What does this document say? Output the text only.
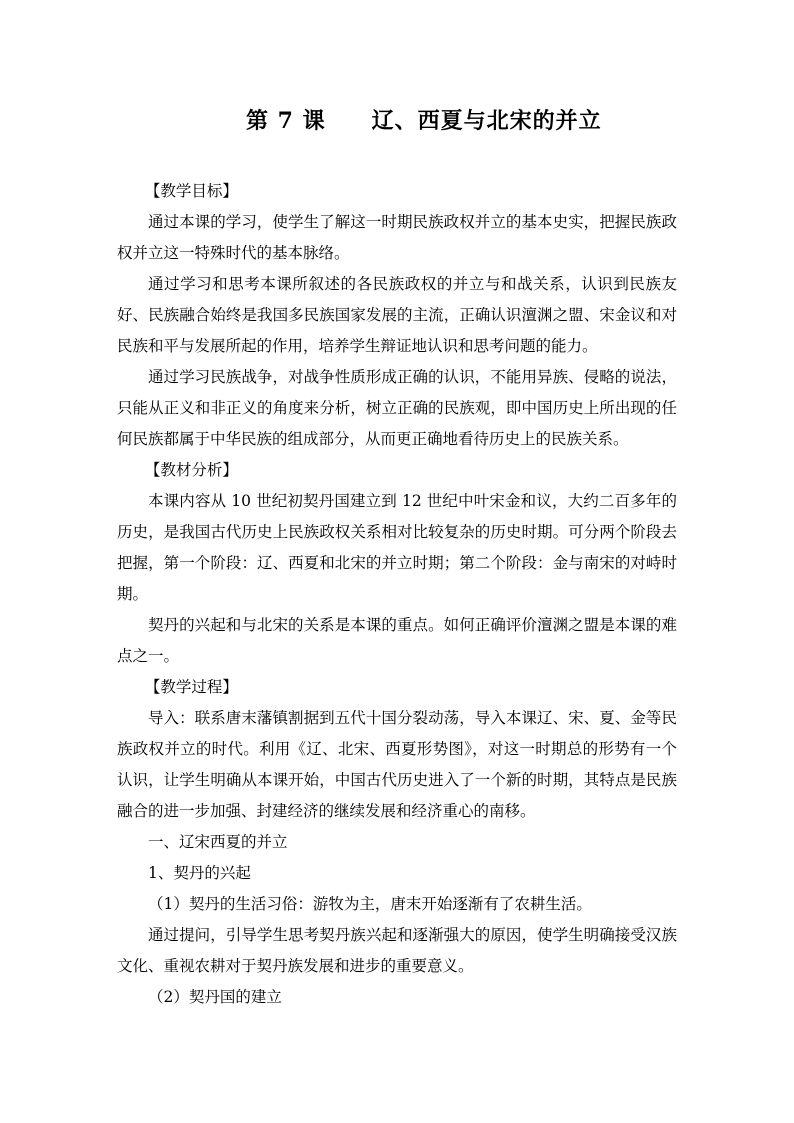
第 7 课 辽、西夏与北宋的并立

【教学目标】

通过本课的学习，使学生了解这一时期民族政权并立的基本史实，把握民族政权并立这一特殊时代的基本脉络。

通过学习和思考本课所叙述的各民族政权的并立与和战关系，认识到民族友好、民族融合始终是我国多民族国家发展的主流，正确认识澶渊之盟、宋金议和对民族和平与发展所起的作用，培养学生辩证地认识和思考问题的能力。

通过学习民族战争，对战争性质形成正确的认识，不能用异族、侵略的说法，只能从正义和非正义的角度来分析，树立正确的民族观，即中国历史上所出现的任何民族都属于中华民族的组成部分，从而更正确地看待历史上的民族关系。

【教材分析】

本课内容从 10 世纪初契丹国建立到 12 世纪中叶宋金和议，大约二百多年的历史，是我国古代历史上民族政权关系相对比较复杂的历史时期。可分两个阶段去把握，第一个阶段：辽、西夏和北宋的并立时期；第二个阶段：金与南宋的对峙时期。

契丹的兴起和与北宋的关系是本课的重点。如何正确评价澶渊之盟是本课的难点之一。

【教学过程】

导入：联系唐末藩镇割据到五代十国分裂动荡，导入本课辽、宋、夏、金等民族政权并立的时代。利用《辽、北宋、西夏形势图》，对这一时期总的形势有一个认识，让学生明确从本课开始，中国古代历史进入了一个新的时期，其特点是民族融合的进一步加强、封建经济的继续发展和经济重心的南移。

一、辽宋西夏的并立

1、契丹的兴起

（1）契丹的生活习俗：游牧为主，唐末开始逐渐有了农耕生活。

通过提问，引导学生思考契丹族兴起和逐渐强大的原因，使学生明确接受汉族文化、重视农耕对于契丹族发展和进步的重要意义。

（2）契丹国的建立
